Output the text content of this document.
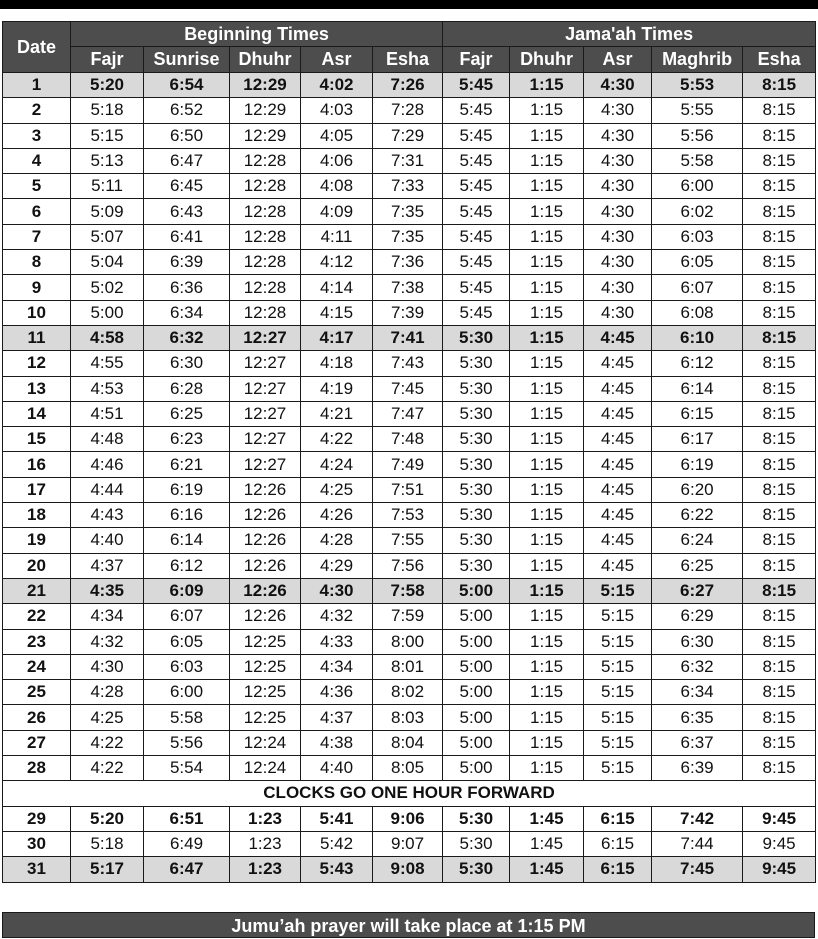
Date	Beginning Times					Jama'ah Times				
	Fajr	Sunrise	Dhuhr	Asr	Esha	Fajr	Dhuhr	Asr	Maghrib	Esha
1	5:20	6:54	12:29	4:02	7:26	5:45	1:15	4:30	5:53	8:15
2	5:18	6:52	12:29	4:03	7:28	5:45	1:15	4:30	5:55	8:15
3	5:15	6:50	12:29	4:05	7:29	5:45	1:15	4:30	5:56	8:15
4	5:13	6:47	12:28	4:06	7:31	5:45	1:15	4:30	5:58	8:15
5	5:11	6:45	12:28	4:08	7:33	5:45	1:15	4:30	6:00	8:15
6	5:09	6:43	12:28	4:09	7:35	5:45	1:15	4:30	6:02	8:15
7	5:07	6:41	12:28	4:11	7:35	5:45	1:15	4:30	6:03	8:15
8	5:04	6:39	12:28	4:12	7:36	5:45	1:15	4:30	6:05	8:15
9	5:02	6:36	12:28	4:14	7:38	5:45	1:15	4:30	6:07	8:15
10	5:00	6:34	12:28	4:15	7:39	5:45	1:15	4:30	6:08	8:15
11	4:58	6:32	12:27	4:17	7:41	5:30	1:15	4:45	6:10	8:15
12	4:55	6:30	12:27	4:18	7:43	5:30	1:15	4:45	6:12	8:15
13	4:53	6:28	12:27	4:19	7:45	5:30	1:15	4:45	6:14	8:15
14	4:51	6:25	12:27	4:21	7:47	5:30	1:15	4:45	6:15	8:15
15	4:48	6:23	12:27	4:22	7:48	5:30	1:15	4:45	6:17	8:15
16	4:46	6:21	12:27	4:24	7:49	5:30	1:15	4:45	6:19	8:15
17	4:44	6:19	12:26	4:25	7:51	5:30	1:15	4:45	6:20	8:15
18	4:43	6:16	12:26	4:26	7:53	5:30	1:15	4:45	6:22	8:15
19	4:40	6:14	12:26	4:28	7:55	5:30	1:15	4:45	6:24	8:15
20	4:37	6:12	12:26	4:29	7:56	5:30	1:15	4:45	6:25	8:15
21	4:35	6:09	12:26	4:30	7:58	5:00	1:15	5:15	6:27	8:15
22	4:34	6:07	12:26	4:32	7:59	5:00	1:15	5:15	6:29	8:15
23	4:32	6:05	12:25	4:33	8:00	5:00	1:15	5:15	6:30	8:15
24	4:30	6:03	12:25	4:34	8:01	5:00	1:15	5:15	6:32	8:15
25	4:28	6:00	12:25	4:36	8:02	5:00	1:15	5:15	6:34	8:15
26	4:25	5:58	12:25	4:37	8:03	5:00	1:15	5:15	6:35	8:15
27	4:22	5:56	12:24	4:38	8:04	5:00	1:15	5:15	6:37	8:15
28	4:22	5:54	12:24	4:40	8:05	5:00	1:15	5:15	6:39	8:15
CLOCKS GO ONE HOUR FORWARD										
29	5:20	6:51	1:23	5:41	9:06	5:30	1:45	6:15	7:42	9:45
30	5:18	6:49	1:23	5:42	9:07	5:30	1:45	6:15	7:44	9:45
31	5:17	6:47	1:23	5:43	9:08	5:30	1:45	6:15	7:45	9:45
Jumu’ah prayer will take place at 1:15 PM
